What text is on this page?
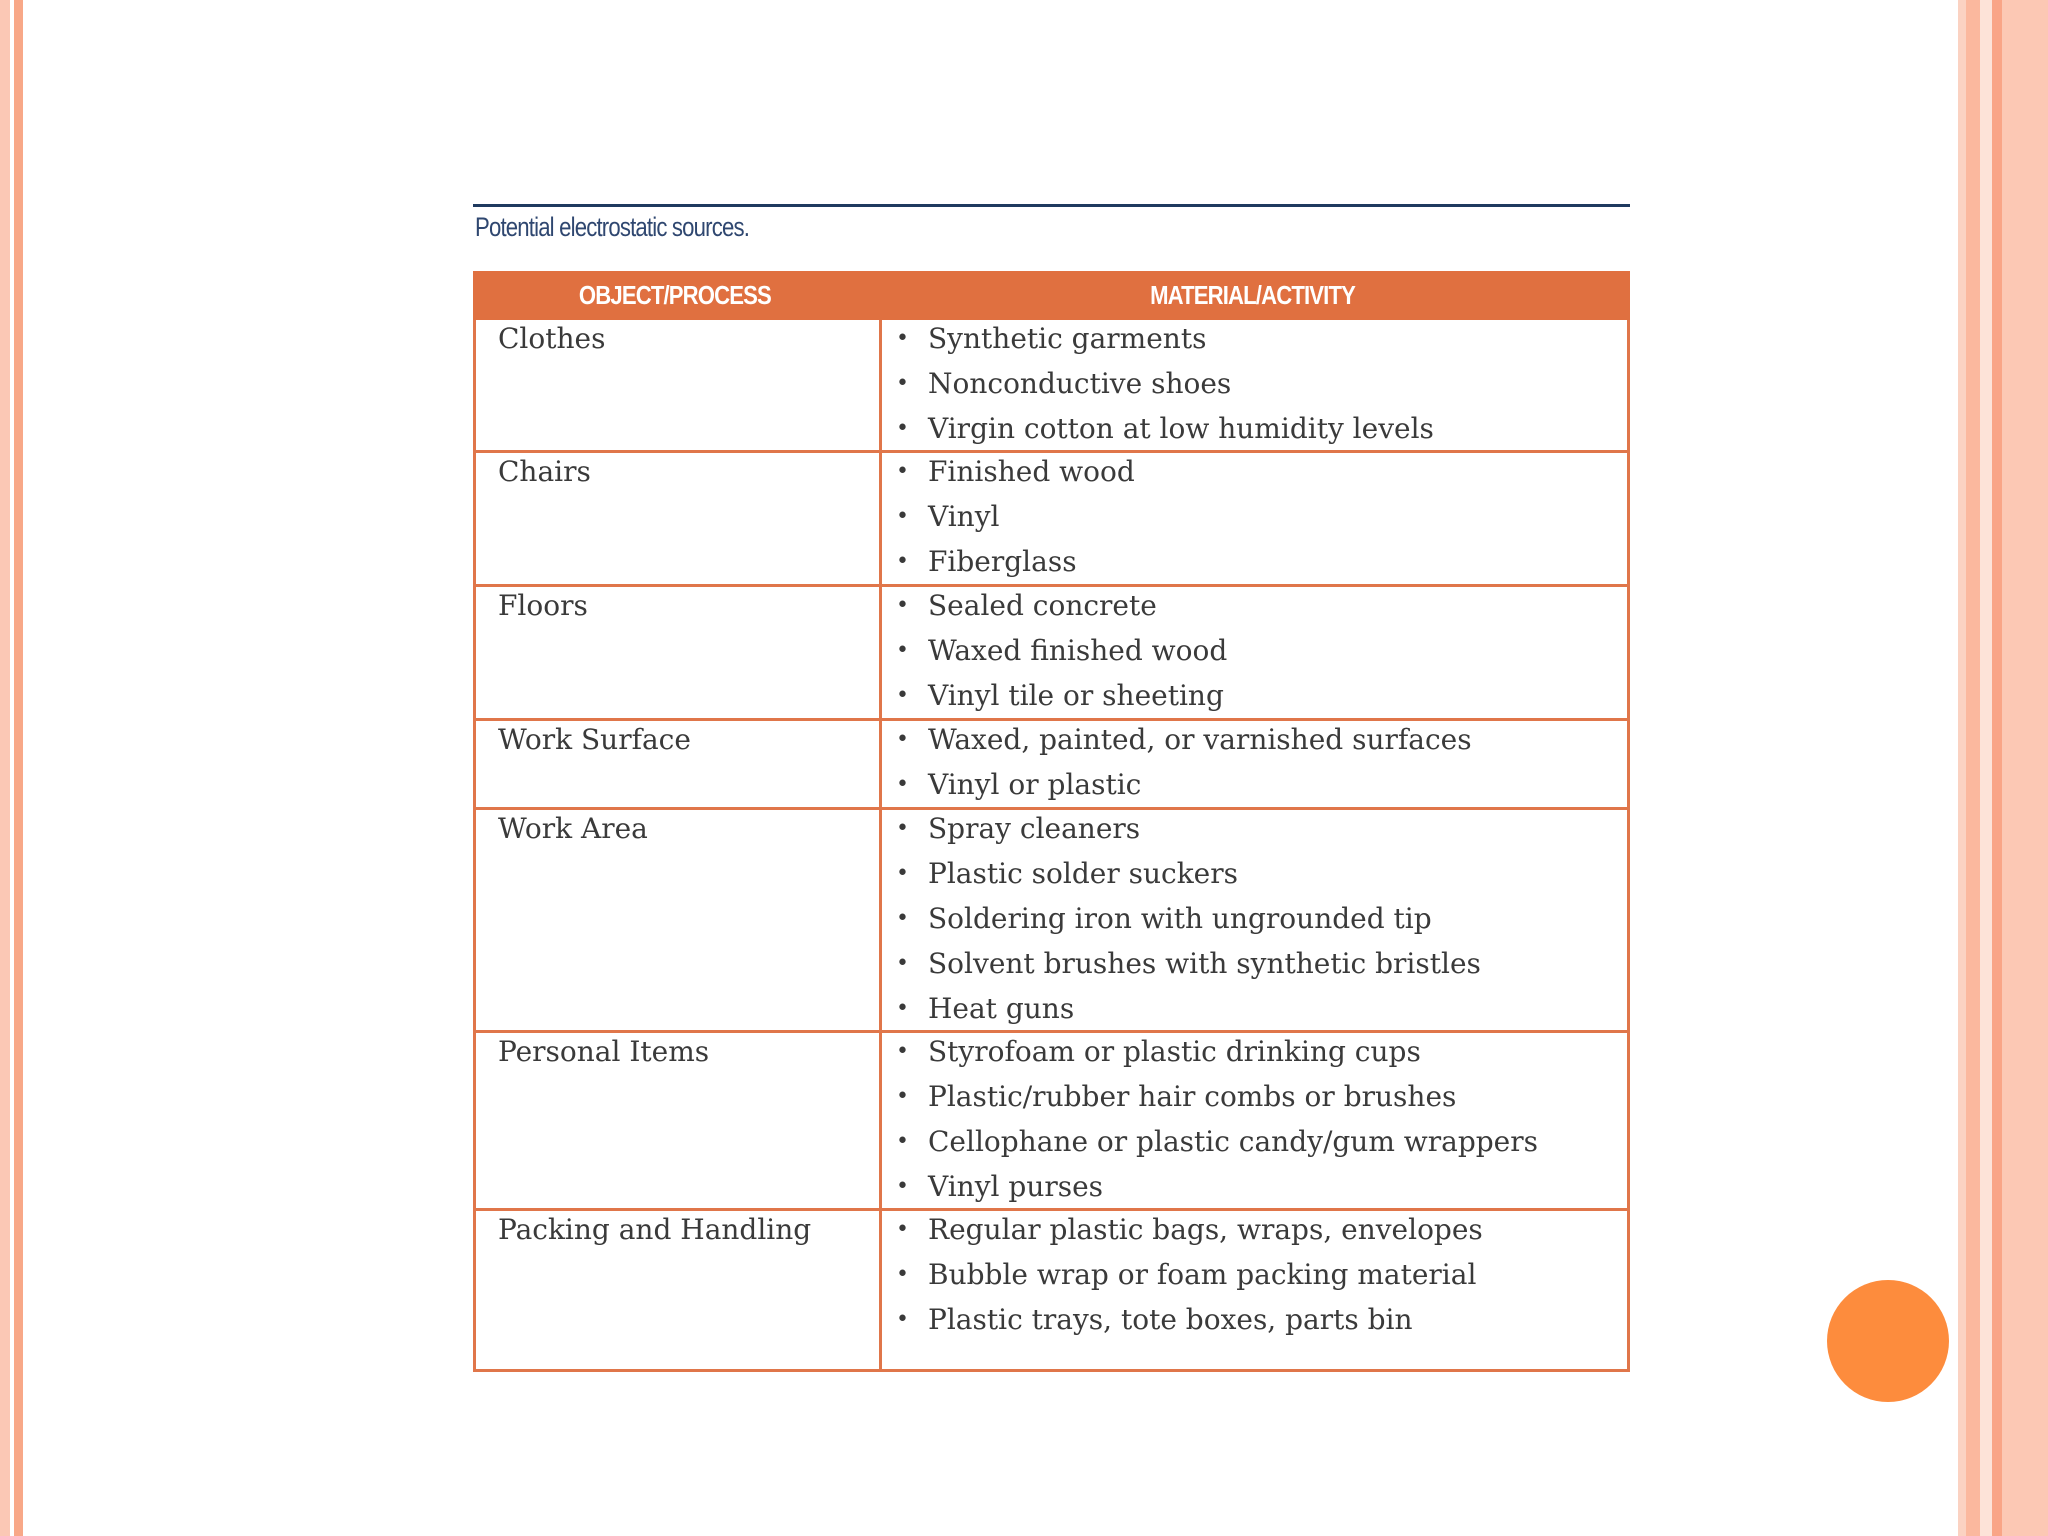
Potential electrostatic sources.
OBJECT/PROCESS	MATERIAL/ACTIVITY
Clothes	• Synthetic garments
• Nonconductive shoes
• Virgin cotton at low humidity levels
Chairs	• Finished wood
• Vinyl
• Fiberglass
Floors	• Sealed concrete
• Waxed finished wood
• Vinyl tile or sheeting
Work Surface	• Waxed, painted, or varnished surfaces
• Vinyl or plastic
Work Area	• Spray cleaners
• Plastic solder suckers
• Soldering iron with ungrounded tip
• Solvent brushes with synthetic bristles
• Heat guns
Personal Items	• Styrofoam or plastic drinking cups
• Plastic/rubber hair combs or brushes
• Cellophane or plastic candy/gum wrappers
• Vinyl purses
Packing and Handling	• Regular plastic bags, wraps, envelopes
• Bubble wrap or foam packing material
• Plastic trays, tote boxes, parts bin
